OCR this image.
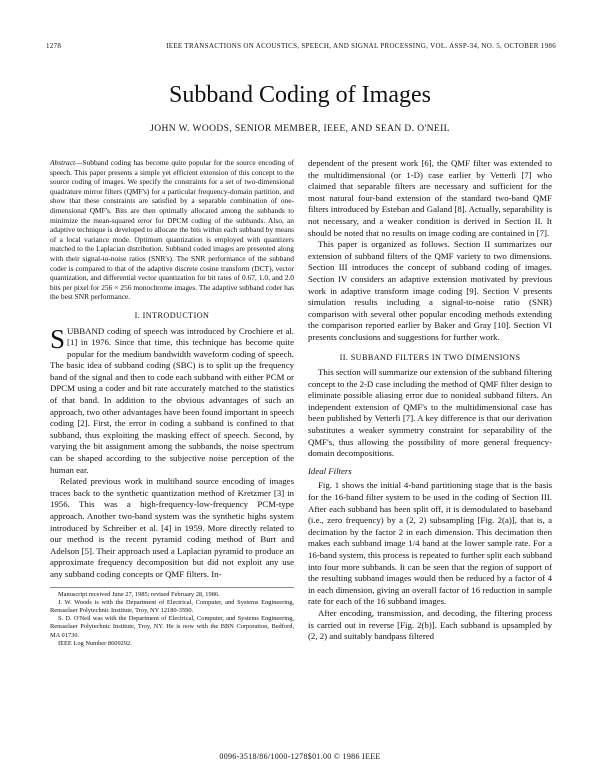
1278	IEEE TRANSACTIONS ON ACOUSTICS, SPEECH, AND SIGNAL PROCESSING, VOL. ASSP-34, NO. 5, OCTOBER 1986
Subband Coding of Images
JOHN W. WOODS, SENIOR MEMBER, IEEE, AND SEAN D. O'NEIL
Abstract—Subband coding has become quite popular for the source encoding of speech. This paper presents a simple yet efficient extension of this concept to the source coding of images. We specify the constraints for a set of two-dimensional quadrature mirror filters (QMF's) for a particular frequency-domain partition, and show that these constraints are satisfied by a separable combination of one-dimensional QMF's. Bits are then optimally allocated among the subbands to minimize the mean-squared error for DPCM coding of the subbands. Also, an adaptive technique is developed to allocate the bits within each subband by means of a local variance mode. Optimum quantization is employed with quantizers matched to the Laplacian distribution. Subband coded images are presented along with their signal-to-noise ratios (SNR's). The SNR performance of the subband coder is compared to that of the adaptive discrete cosine transform (DCT), vector quantization, and differential vector quantization for bit rates of 0.67, 1.0, and 2.0 bits per pixel for 256 × 256 monochrome images. The adaptive subband coder has the best SNR performance.
I. INTRODUCTION

SUBBAND coding of speech was introduced by Crochiere et al. [1] in 1976. Since that time, this technique has become quite popular for the medium bandwidth waveform coding of speech. The basic idea of subband coding (SBC) is to split up the frequency band of the signal and then to code each subband with either PCM or DPCM using a coder and bit rate accurately matched to the statistics of that band. In addition to the obvious advantages of such an approach, two other advantages have been found important in speech coding [2]. First, the error in coding a subband is confined to that subband, thus exploiting the masking effect of speech. Second, by varying the bit assignment among the subbands, the noise spectrum can be shaped according to the subjective noise perception of the human ear.

Related previous work in multiband source encoding of images traces back to the synthetic quantization method of Kretzmer [3] in 1956. This was a high-frequency-low-frequency PCM-type approach. Another two-band system was the synthetic highs system introduced by Schreiber et al. [4] in 1959. More directly related to our method is the recent pyramid coding method of Burt and Adelson [5]. Their approach used a Laplacian pyramid to produce an approximate frequency decomposition but did not exploit any use any subband coding concepts or QMF filters. In-

Manuscript received June 27, 1985; revised February 28, 1986.

J. W. Woods is with the Department of Electrical, Computer, and Systems Engineering, Rensselaer Polytechnic Institute, Troy, NY 12180-3590.

S. D. O'Neil was with the Department of Electrical, Computer, and Systems Engineering, Rensselaer Polytechnic Institute, Troy, NY. He is now with the BBN Corporation, Bedford, MA 01730.

IEEE Log Number 8609292.

dependent of the present work [6], the QMF filter was extended to the multidimensional (or 1-D) case earlier by Vetterli [7] who claimed that separable filters are necessary and sufficient for the most natural four-band extension of the standard two-band QMF filters introduced by Esteban and Galand [8]. Actually, separability is not necessary, and a weaker condition is derived in Section II. It should be noted that no results on image coding are contained in [7].

This paper is organized as follows. Section II summarizes our extension of subband filters of the QMF variety to two dimensions. Section III introduces the concept of subband coding of images. Section IV considers an adaptive extension motivated by previous work in adaptive transform image coding [9]. Section V presents simulation results including a signal-to-noise ratio (SNR) comparison with several other popular encoding methods extending the comparison reported earlier by Baker and Gray [10]. Section VI presents conclusions and suggestions for further work.

II. SUBBAND FILTERS IN TWO DIMENSIONS

This section will summarize our extension of the subband filtering concept to the 2-D case including the method of QMF filter design to eliminate possible aliasing error due to nonideal subband filters. An independent extension of QMF's to the multidimensional case has been published by Vetterli [7]. A key difference is that our derivation substitutes a weaker symmetry constraint for separability of the QMF's, thus allowing the possibility of more general frequency-domain decompositions.

Ideal Filters

Fig. 1 shows the initial 4-band partitioning stage that is the basis for the 16-band filter system to be used in the coding of Section III. After each subband has been split off, it is demodulated to baseband (i.e., zero frequency) by a (2, 2) subsampling [Fig. 2(a)], that is, a decimation by the factor 2 in each dimension. This decimation then makes each subband image 1/4 band at the lower sample rate. For a 16-band system, this process is repeated to further split each subband into four more subbands. It can be seen that the region of support of the resulting subband images would then be reduced by a factor of 4 in each dimension, giving an overall factor of 16 reduction in sample rate for each of the 16 subband images.

After encoding, transmission, and decoding, the filtering process is carried out in reverse [Fig. 2(b)]. Each subband is upsampled by (2, 2) and suitably bandpass filtered

0096-3518/86/1000-1278$01.00 © 1986 IEEE
